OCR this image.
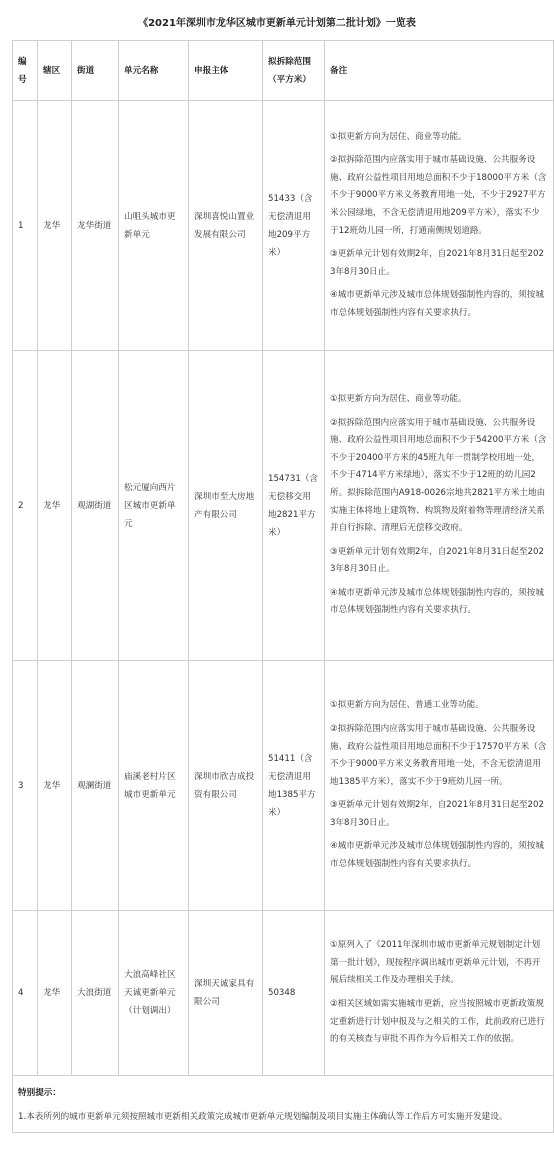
《2021年深圳市龙华区城市更新单元计划第二批计划》一览表
编号	辖区	街道	单元名称	申报主体	拟拆除范围（平方米）	备注
1	龙华	龙华街道	山咀头城市更新单元	深圳喜悦山置业发展有限公司	51433（含无偿清退用地209平方米）	①拟更新方向为居住、商业等功能。

②拟拆除范围内应落实用于城市基础设施、公共服务设施、政府公益性项目用地总面积不少于18000平方米（含不少于9000平方米义务教育用地一处，不少于2927平方米公园绿地，不含无偿清退用地209平方米），落实不少于12班幼儿园一所，打通南侧规划道路。

③更新单元计划有效期2年，自2021年8月31日起至2023年8月30日止。

④城市更新单元涉及城市总体规划强制性内容的，须按城市总体规划强制性内容有关要求执行。

2	龙华	观湖街道	松元厦向西片区城市更新单元	深圳市至大房地产有限公司	154731（含无偿移交用地2821平方米）	①拟更新方向为居住、商业等功能。

②拟拆除范围内应落实用于城市基础设施、公共服务设施、政府公益性项目用地总面积不少于54200平方米（含不少于20400平方米的45班九年一贯制学校用地一处，不少于4714平方米绿地），落实不少于12班的幼儿园2所。拟拆除范围内A918-0026宗地共2821平方米土地由实施主体将地上建筑物、构筑物及附着物等理清经济关系并自行拆除、清理后无偿移交政府。

③更新单元计划有效期2年，自2021年8月31日起至2023年8月30日止。

④城市更新单元涉及城市总体规划强制性内容的，须按城市总体规划强制性内容有关要求执行。

3	龙华	观澜街道	庙溪老村片区城市更新单元	深圳市欣吉成投资有限公司	51411（含无偿清退用地1385平方米）	①拟更新方向为居住、普通工业等功能。

②拟拆除范围内应落实用于城市基础设施、公共服务设施、政府公益性项目用地总面积不少于17570平方米（含不少于9000平方米义务教育用地一处，不含无偿清退用地1385平方米），落实不少于9班幼儿园一所。

③更新单元计划有效期2年，自2021年8月31日起至2023年8月30日止。

④城市更新单元涉及城市总体规划强制性内容的，须按城市总体规划强制性内容有关要求执行。

4	龙华	大浪街道	大浪高峰社区天诚更新单元（计划调出）	深圳天诚家具有限公司	50348	①原列入了《2011年深圳市城市更新单元规划制定计划第一批计划》，现按程序调出城市更新单元计划，不再开展后续相关工作及办理相关手续。

②相关区域如需实施城市更新，应当按照城市更新政策规定重新进行计划申报及与之相关的工作，此前政府已进行的有关核查与审批不再作为今后相关工作的依据。

特别提示：
1.本表所列的城市更新单元须按照城市更新相关政策完成城市更新单元规划编制及项目实施主体确认等工作后方可实施开发建设。						
